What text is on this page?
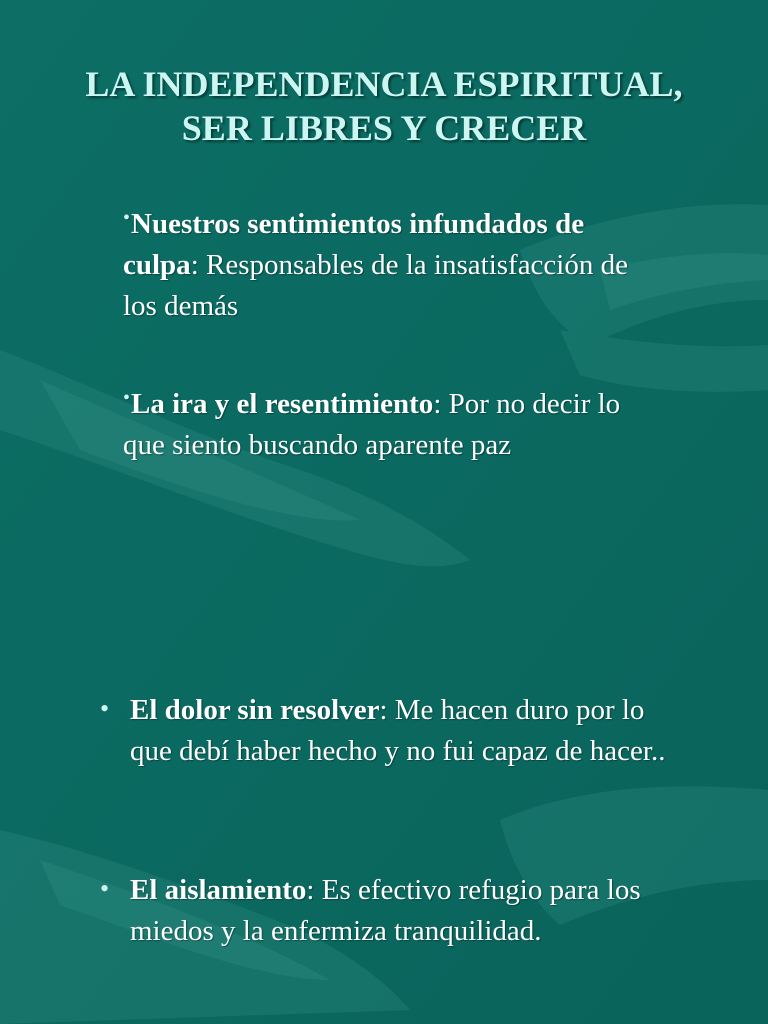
LA INDEPENDENCIA ESPIRITUAL,
SER LIBRES Y CRECER
•Nuestros sentimientos infundados de culpa: Responsables de la insatisfacción de los demás
•La ira y el resentimiento: Por no decir lo que siento buscando aparente paz
• El dolor sin resolver: Me hacen duro por lo que debí haber hecho y no fui capaz de hacer..
• El aislamiento: Es efectivo refugio para los miedos y la enfermiza tranquilidad.
